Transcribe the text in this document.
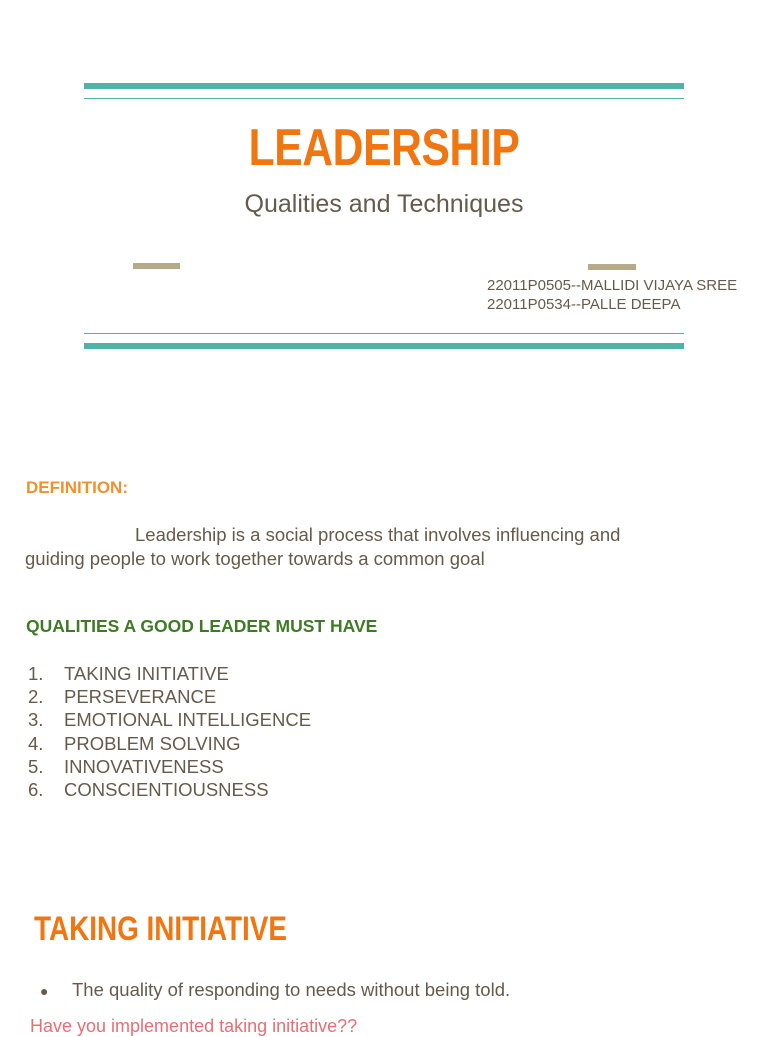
LEADERSHIP
Qualities and Techniques
22011P0505--MALLIDI VIJAYA SREE
22011P0534--PALLE DEEPA
DEFINITION:
Leadership is a social process that involves influencing and
guiding people to work together towards a common goal
QUALITIES A GOOD LEADER MUST HAVE
1.	TAKING INITIATIVE
2.	PERSEVERANCE
3.	EMOTIONAL INTELLIGENCE
4.	PROBLEM SOLVING
5.	INNOVATIVENESS
6.	CONSCIENTIOUSNESS
TAKING INITIATIVE
●	The quality of responding to needs without being told.
Have you implemented taking initiative??
